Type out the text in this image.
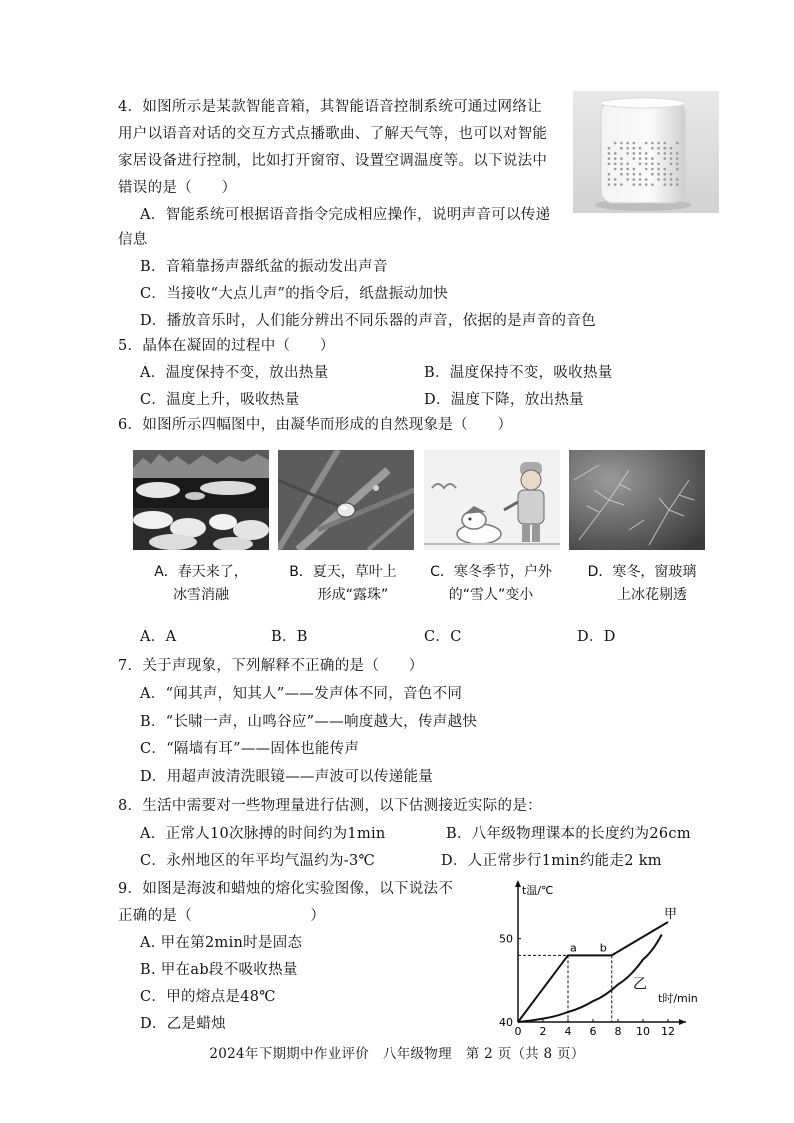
4．如图所示是某款智能音箱，其智能语音控制系统可通过网络让
用户以语音对话的交互方式点播歌曲、了解天气等，也可以对智能
家居设备进行控制，比如打开窗帘、设置空调温度等。以下说法中
错误的是（　　）
A．智能系统可根据语音指令完成相应操作，说明声音可以传递
信息
B．音箱靠扬声器纸盆的振动发出声音
C．当接收“大点儿声”的指令后，纸盘振动加快
D．播放音乐时，人们能分辨出不同乐器的声音，依据的是声音的音色
5．晶体在凝固的过程中（　　）
A．温度保持不变，放出热量	B．温度保持不变，吸收热量
C．温度上升，吸收热量	D．温度下降，放出热量
6．如图所示四幅图中，由凝华而形成的自然现象是（　　）
A．春天来了，
冰雪消融
B．夏天，草叶上
形成“露珠”
C．寒冬季节，户外
的“雪人”变小
D．寒冬，窗玻璃
上冰花剔透
A．A	B．B	C．C	D．D
7．关于声现象，下列解释不正确的是（　　）
A．“闻其声，知其人”——发声体不同，音色不同
B．“长啸一声，山鸣谷应”——响度越大，传声越快
C．“隔墙有耳”——固体也能传声
D．用超声波清洗眼镜——声波可以传递能量
8．生活中需要对一些物理量进行估测，以下估测接近实际的是：
A．正常人10次脉搏的时间约为1min	B．八年级物理课本的长度约为26cm
C．永州地区的年平均气温约为-3℃	D．人正常步行1min约能走2 km
9．如图是海波和蜡烛的熔化实验图像，以下说法不
正确的是（　　　　　　　　）
A. 甲在第2min时是固态
B. 甲在ab段不吸收热量
C．甲的熔点是48℃
D．乙是蜡烛
t温/℃
t时/min
0 2 4 6 8 10 12
40
50
甲
乙
a b
2024年下期期中作业评价　八年级物理　第 2 页（共 8 页）
